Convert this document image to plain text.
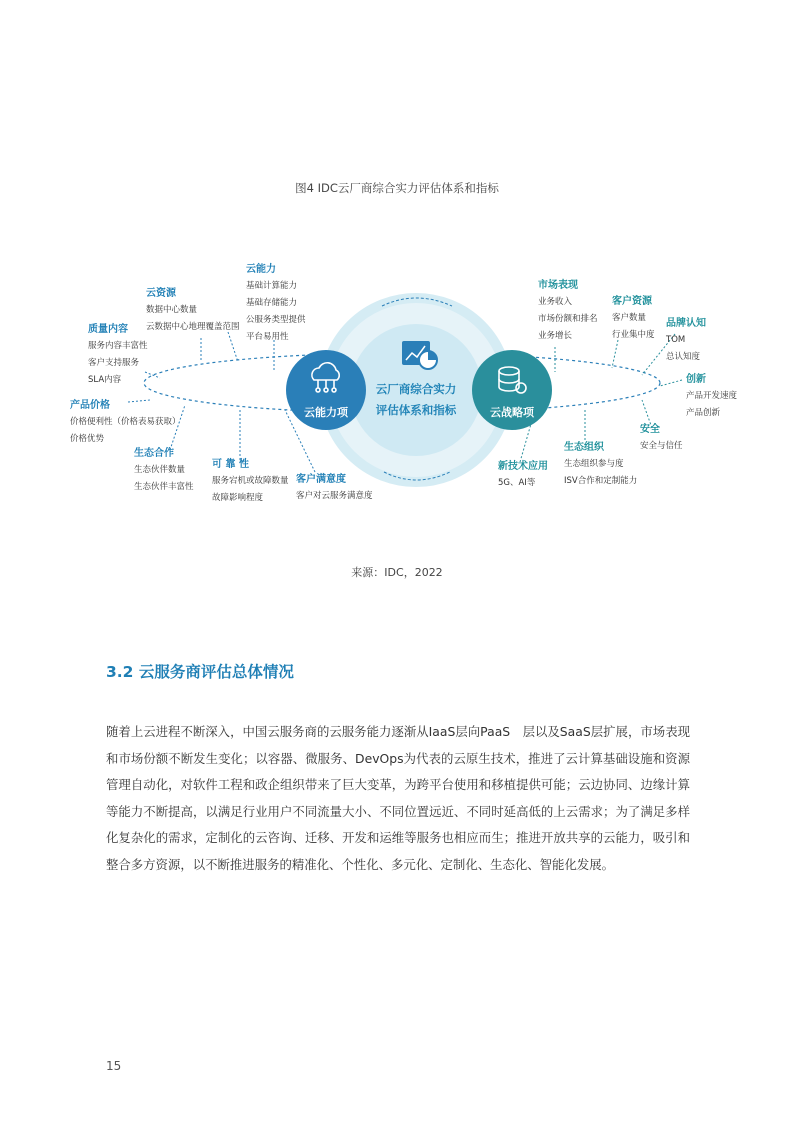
图4 IDC云厂商综合实力评估体系和指标
云能力项	云战略项
云厂商综合实力
评估体系和指标
云能力
基础计算能力
基础存储能力
公服务类型提供
平台易用性
云资源
数据中心数量
云数据中心地理覆盖范围
质量内容
服务内容丰富性
客户支持服务
SLA内容
产品价格
价格便利性（价格表易获取）
价格优势
生态合作
生态伙伴数量
生态伙伴丰富性
可 靠 性
服务宕机或故障数量
故障影响程度
客户满意度
客户对云服务满意度
市场表现
业务收入
市场份额和排名
业务增长
客户资源
客户数量
行业集中度
品牌认知
TOM
总认知度
创新
产品开发速度
产品创新
安全
安全与信任
生态组织
生态组织参与度
ISV合作和定制能力
新技术应用
5G、AI等
来源：IDC，2022
3.2 云服务商评估总体情况
随着上云进程不断深入，中国云服务商的云服务能力逐渐从IaaS层向PaaS　层以及SaaS层扩展，市场表现和市场份额不断发生变化；以容器、微服务、DevOps为代表的云原生技术，推进了云计算基础设施和资源管理自动化，对软件工程和政企组织带来了巨大变革，为跨平台使用和移植提供可能；云边协同、边缘计算等能力不断提高，以满足行业用户不同流量大小、不同位置远近、不同时延高低的上云需求；为了满足多样化复杂化的需求，定制化的云咨询、迁移、开发和运维等服务也相应而生；推进开放共享的云能力，吸引和整合多方资源，以不断推进服务的精准化、个性化、多元化、定制化、生态化、智能化发展。
15
